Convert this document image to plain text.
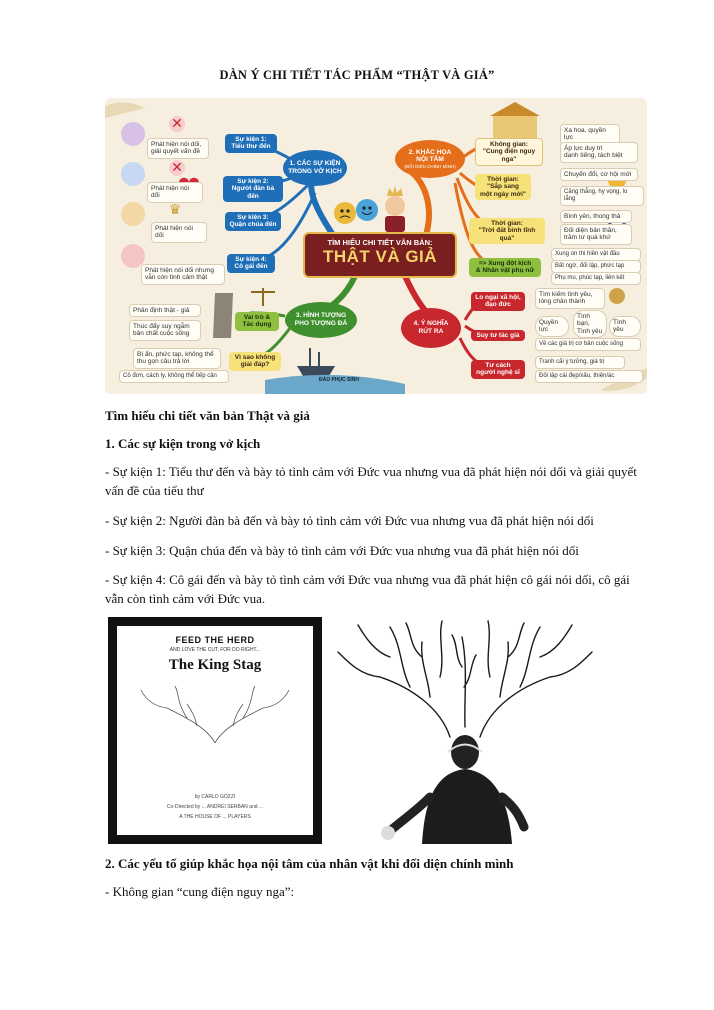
DÀN Ý CHI TIẾT TÁC PHẨM “THẬT VÀ GIẢ”
✕
✕
♛
Phát hiện nói dối,
giải quyết vấn đề
Sự kiện 1:
Tiểu thư đến
Phát hiện nói dối
Sự kiện 2:
Người đàn bà đến
Phát hiện nói dối
Sự kiện 3:
Quận chúa đến
Phát hiện nói dối nhưng
vẫn còn tình cảm thật
Sự kiện 4:
Cô gái đến
1. CÁC SỰ KIỆN
TRONG VỞ KỊCH
2. KHẮC HỌA
NỘI TÂM
(ĐỐI DIỆN CHÍNH MÌNH)
TÌM HIỂU CHI TIẾT VĂN BẢN:
THẬT VÀ GIẢ
Không gian:
"Cung điện nguy nga"
Xa hoa, quyền lực
Áp lực duy trì
danh tiếng, tách biệt
Thời gian:
"Sắp sang
một ngày mới"
Chuyển đổi, cơ hội mới
Căng thẳng, hy vọng, lo lắng
Thời gian:
"Trời đất bình tĩnh quá"
Bình yên, thong thả
Đối diện bản thân,
trăm tư quá khứ
=> Xung đột kịch
& Nhân vật phụ nữ
Xung on thi hiền vật đầu
Bất ngờ, đối lập, phức tạp
Phụ mu, phúc tạp, liên kết
3. HÌNH TƯỢNG
PHO TƯỢNG ĐÁ
Vai trò &
Tác dụng
Phân định thật - giả
Thúc đẩy suy ngẫm
bản chất cuộc sống
Vì sao không
giải đáp?
Bí ẩn, phức tạp, không thể
thu gọn câu trả lời
Cô đơn, cách ly, không thể tiếp cận
ĐẢO PHỤC SINH
4. Ý NGHĨA
RÚT RA
Lo ngại xã hội,
đạo đức
Tìm kiếm tình yêu,
lòng chân thành
Suy tư tác giả
Quyền lực
Tình bạn,
Tình yêu
Tình yêu
Về các giá trị cơ bản cuộc sống
Tư cách
người nghệ sĩ
Tranh cãi ý tưởng, giá trị
Đối lập cái đẹp/xấu, thiện/ác
Tìm hiểu chi tiết văn bản Thật và giả
1. Các sự kiện trong vở kịch
- Sự kiện 1: Tiểu thư đến và bày tỏ tình cảm với Đức vua nhưng vua đã phát hiện nói dối và giải quyết vấn đề của tiểu thư
- Sự kiện 2: Người đàn bà đến và bày tỏ tình cảm với Đức vua nhưng vua đã phát hiện nói dối
- Sự kiện 3: Quận chúa đến và bày tỏ tình cảm với Đức vua nhưng vua đã phát hiện nói dối
- Sự kiện 4: Cô gái đến và bày tỏ tình cảm với Đức vua nhưng vua đã phát hiện cô gái nói dối, cô gái vẫn còn tình cảm với Đức vua.
FEED THE HERD
AND LOVE THE CUT, FOR DO RIGHT...
The King Stag
by CARLO GOZZI
Co-Directed by ... ANDREI SERBAN and ...
A THE HOUSE OF ... PLAYERS
2. Các yếu tố giúp khắc họa nội tâm của nhân vật khi đối diện chính mình
- Không gian “cung điện nguy nga”:
